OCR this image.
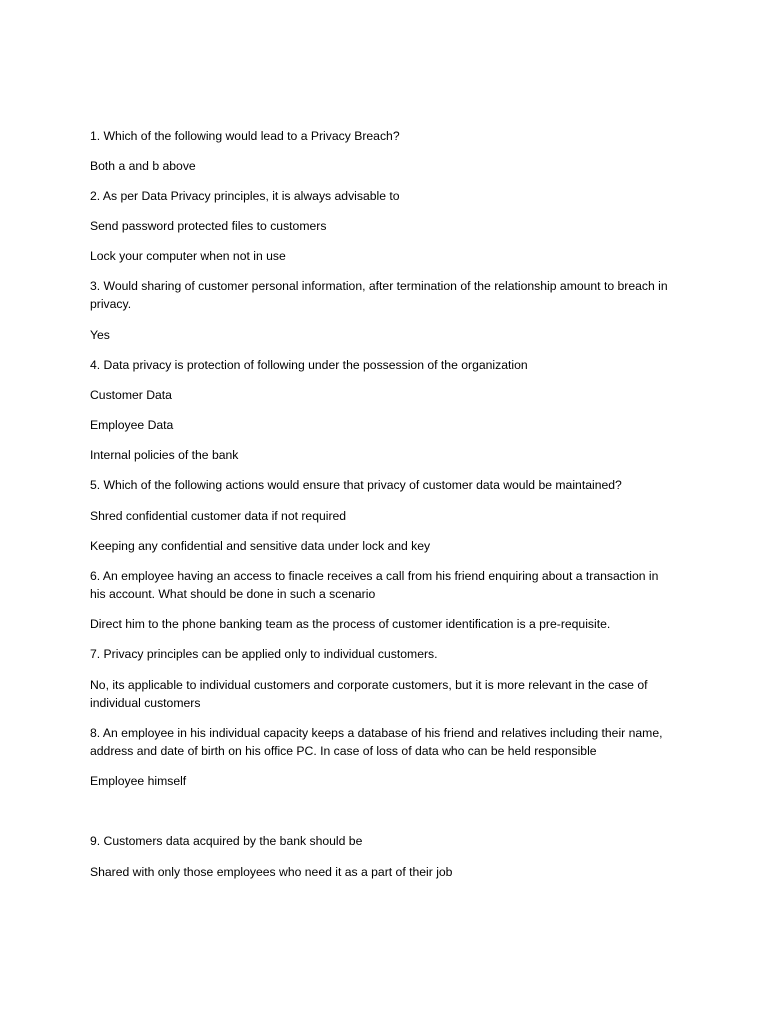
1. Which of the following would lead to a Privacy Breach?

Both a and b above

2. As per Data Privacy principles, it is always advisable to

Send password protected files to customers

Lock your computer when not in use

3. Would sharing of customer personal information, after termination of the relationship amount to breach in privacy.

Yes

4. Data privacy is protection of following under the possession of the organization

Customer Data

Employee Data

Internal policies of the bank

5. Which of the following actions would ensure that privacy of customer data would be maintained?

Shred confidential customer data if not required

Keeping any confidential and sensitive data under lock and key

6. An employee having an access to finacle receives a call from his friend enquiring about a transaction in his account. What should be done in such a scenario

Direct him to the phone banking team as the process of customer identification is a pre-requisite.

7. Privacy principles can be applied only to individual customers.

No, its applicable to individual customers and corporate customers, but it is more relevant in the case of individual customers

8. An employee in his individual capacity keeps a database of his friend and relatives including their name, address and date of birth on his office PC. In case of loss of data who can be held responsible

Employee himself

9. Customers data acquired by the bank should be

Shared with only those employees who need it as a part of their job
